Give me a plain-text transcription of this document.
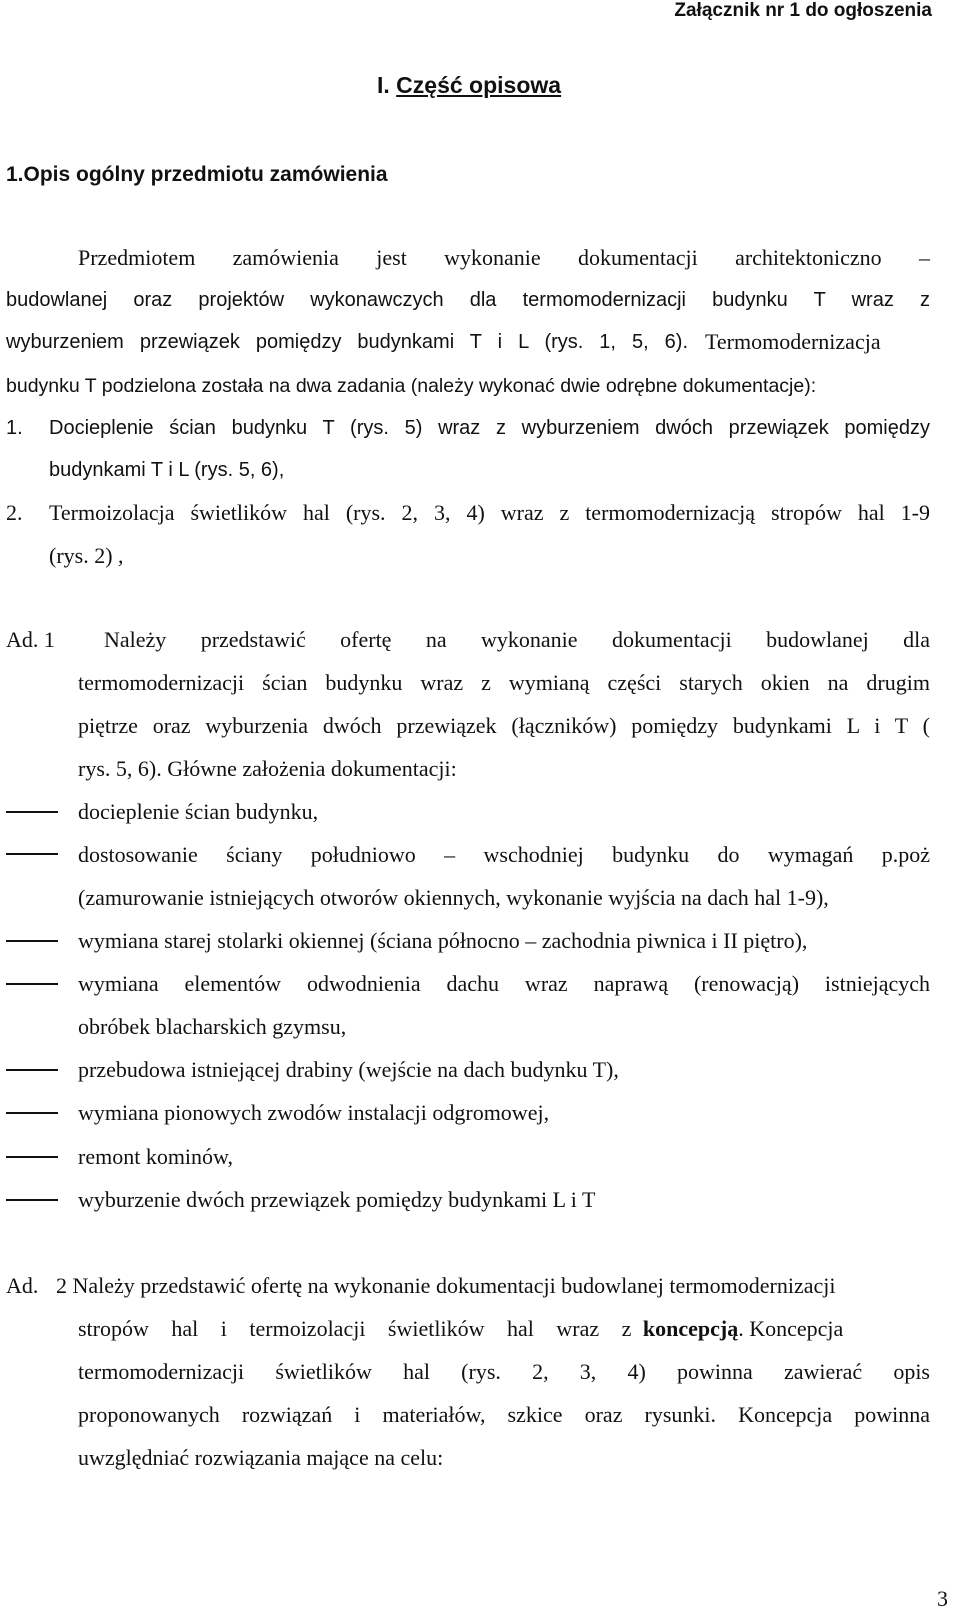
Załącznik nr 1 do ogłoszenia
I. Część opisowa
1.Opis ogólny przedmiotu zamówienia
Przedmiotem zamówienia jest wykonanie dokumentacji architektoniczno –
budowlanej oraz projektów wykonawczych dla termomodernizacji budynku T wraz z
wyburzeniem przewiązek pomiędzy budynkami T i L (rys. 1, 5, 6). Termomodernizacja
budynku T podzielona została na dwa zadania (należy wykonać dwie odrębne dokumentacje):
1. Docieplenie ścian budynku T (rys. 5) wraz z wyburzeniem dwóch przewiązek pomiędzy
budynkami T i L (rys. 5, 6),
2. Termoizolacja świetlików hal (rys. 2, 3, 4) wraz z termomodernizacją stropów hal 1-9
(rys. 2) ,
Ad. 1 Należy przedstawić ofertę na wykonanie dokumentacji budowlanej dla
termomodernizacji ścian budynku wraz z wymianą części starych okien na drugim
piętrze oraz wyburzenia dwóch przewiązek (łączników) pomiędzy budynkami L i T (
rys. 5, 6). Główne założenia dokumentacji:
docieplenie ścian budynku,
dostosowanie ściany południowo – wschodniej budynku do wymagań p.poż
(zamurowanie istniejących otworów okiennych, wykonanie wyjścia na dach hal 1-9),
wymiana starej stolarki okiennej (ściana północno – zachodnia piwnica i II piętro),
wymiana elementów odwodnienia dachu wraz naprawą (renowacją) istniejących
obróbek blacharskich gzymsu,
przebudowa istniejącej drabiny (wejście na dach budynku T),
wymiana pionowych zwodów instalacji odgromowej,
remont kominów,
wyburzenie dwóch przewiązek pomiędzy budynkami L i T
Ad. 2 Należy przedstawić ofertę na wykonanie dokumentacji budowlanej termomodernizacji
stropów hal i termoizolacji świetlików hal wraz z koncepcją. Koncepcja
termomodernizacji świetlików hal (rys. 2, 3, 4) powinna zawierać opis
proponowanych rozwiązań i materiałów, szkice oraz rysunki. Koncepcja powinna
uwzględniać rozwiązania mające na celu:
3
